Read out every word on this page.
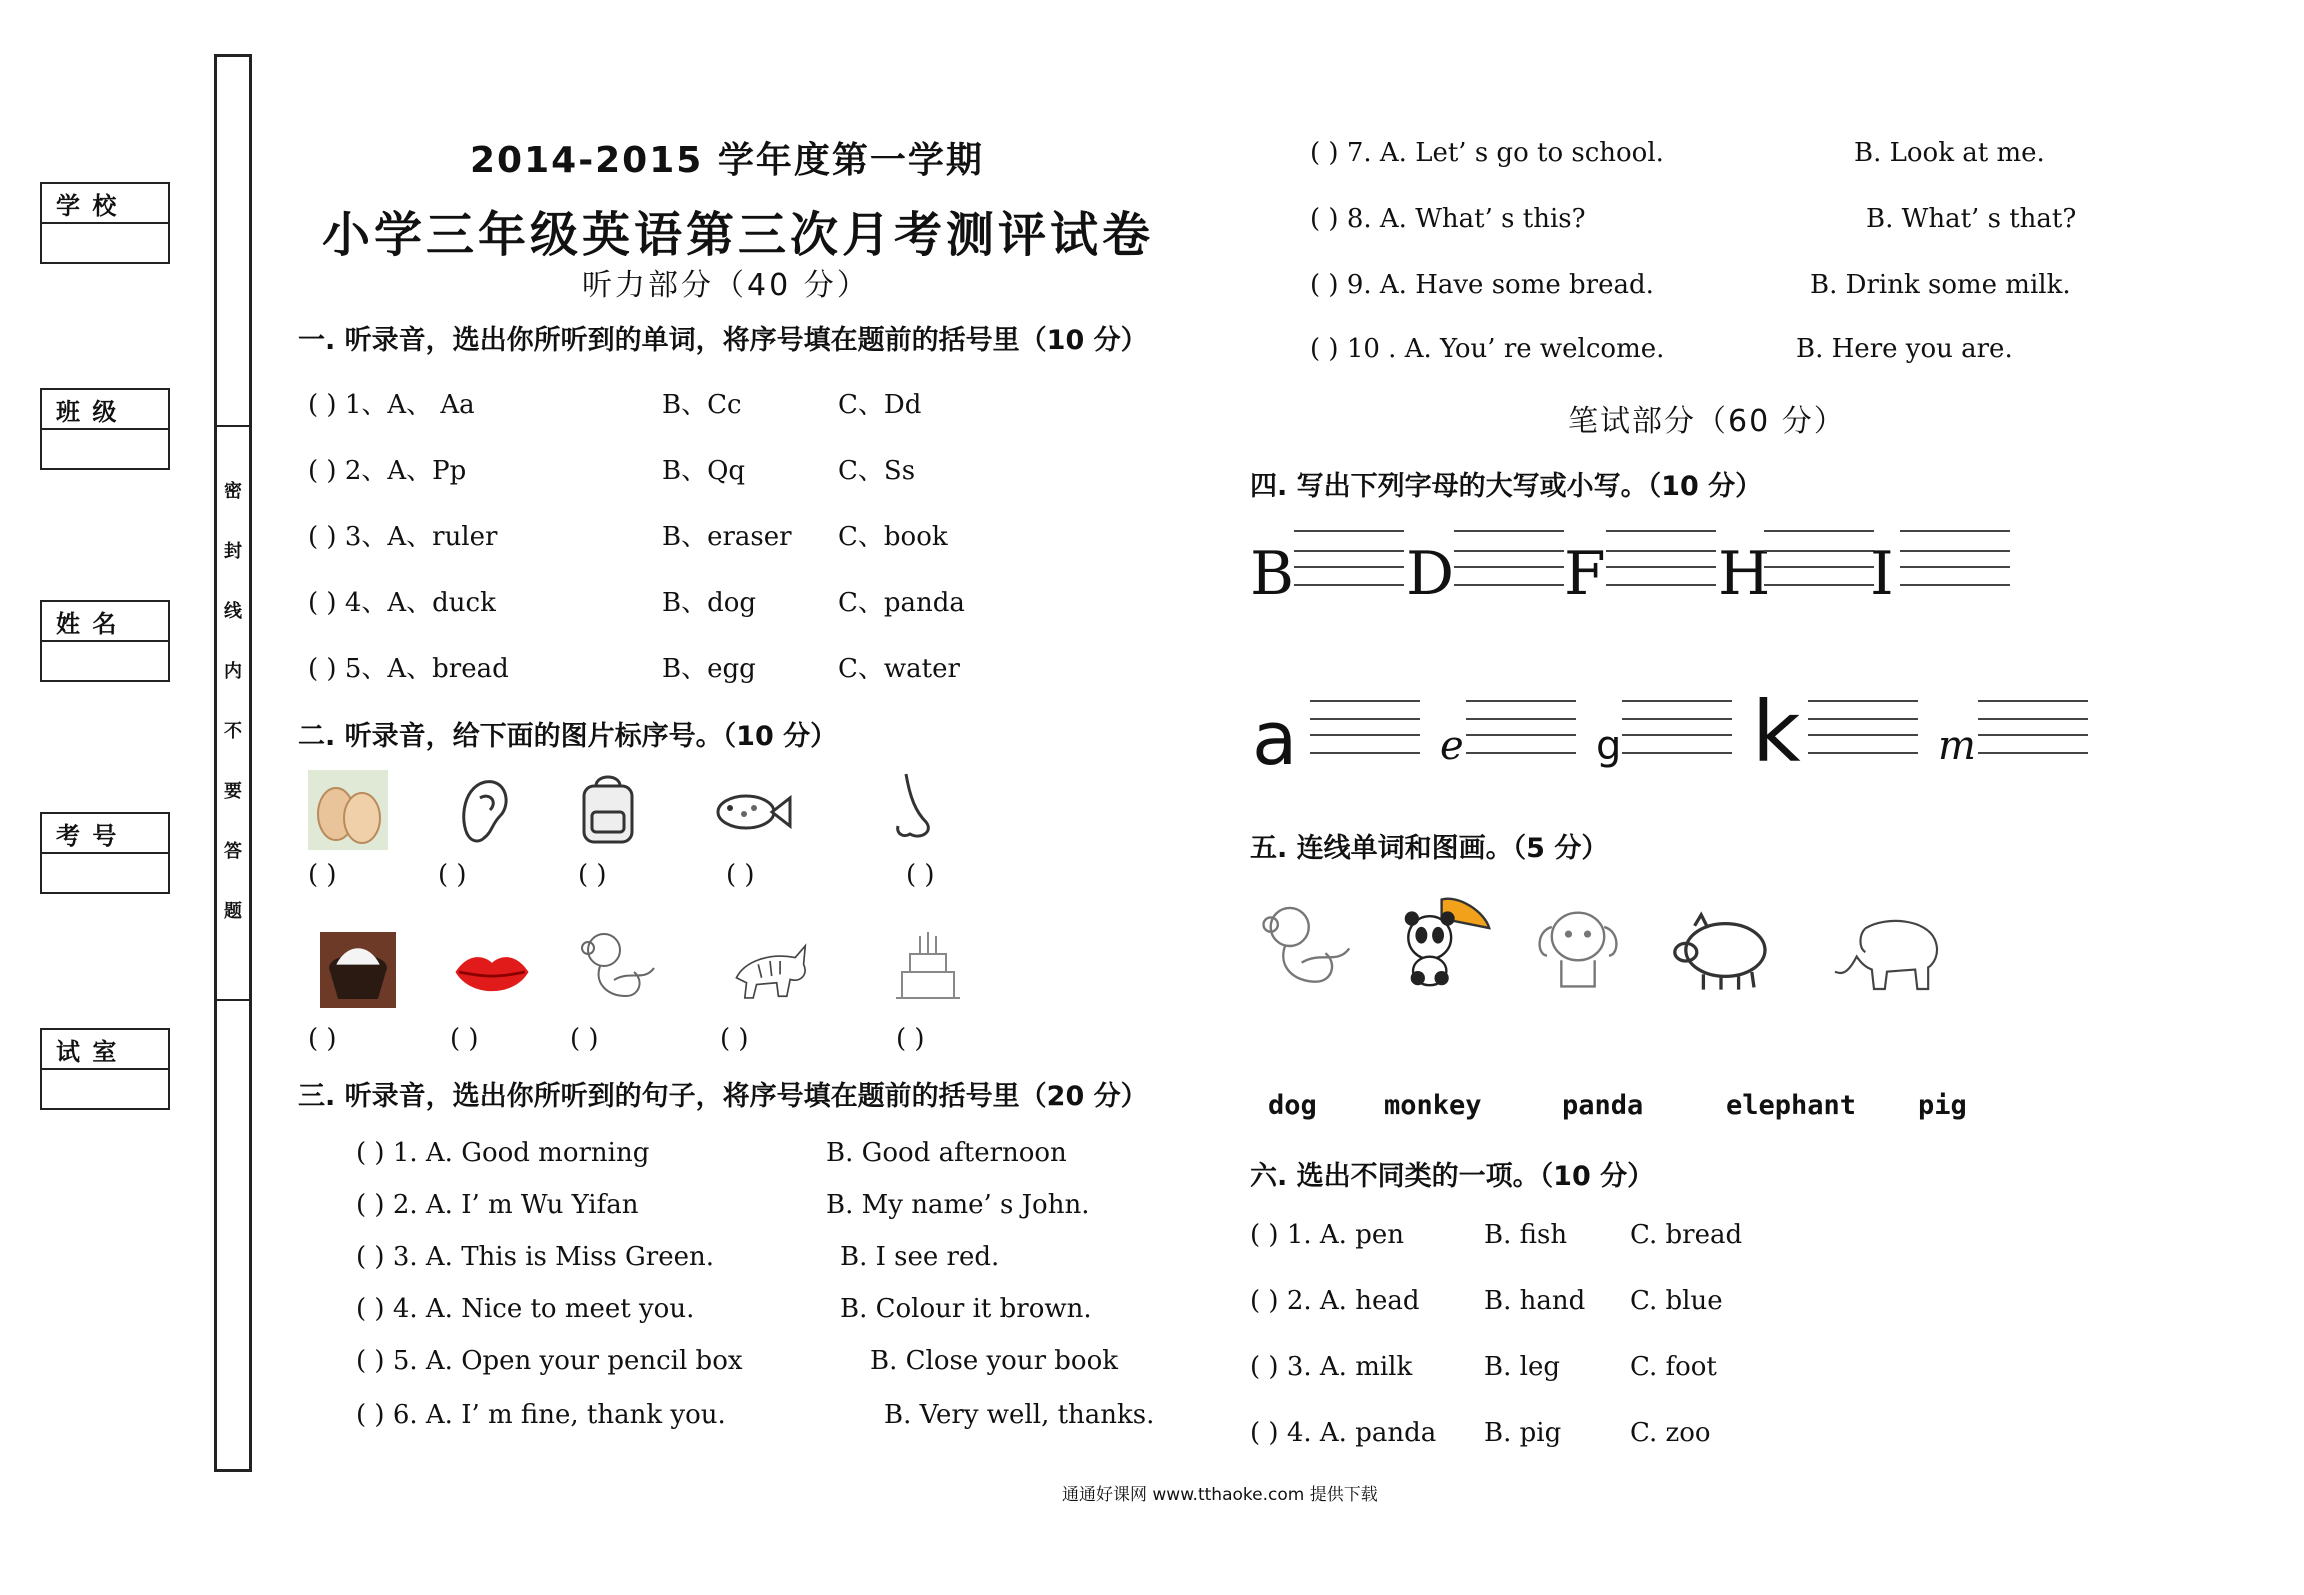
学 校
班 级
姓 名
考 号
试 室
密
封
线
内
不
要
答
题
2014-2015 学年度第一学期
小学三年级英语第三次月考测评试卷
听力部分（40 分）
一. 听录音，选出你所听到的单词，将序号填在题前的括号里（10 分）
( ) 1、A、 Aa	B、Cc	C、Dd
( ) 2、A、Pp	B、Qq	C、Ss
( ) 3、A、ruler	B、eraser	C、book
( ) 4、A、duck	B、dog	C、panda
( ) 5、A、bread	B、egg	C、water
二. 听录音，给下面的图片标序号。（10 分）
( )	( )	( )	( )	( )
( )	( )	( )	( )	( )
三. 听录音，选出你所听到的句子，将序号填在题前的括号里（20 分）
( ) 1. A. Good morning	B. Good afternoon
( ) 2. A. I’ m Wu Yifan	B. My name’ s John.
( ) 3. A. This is Miss Green.	B. I see red.
( ) 4. A. Nice to meet you.	B. Colour it brown.
( ) 5. A. Open your pencil box	B. Close your book
( ) 6. A. I’ m fine, thank you.	B. Very well, thanks.
( ) 7. A. Let’ s go to school.	B. Look at me.
( ) 8. A. What’ s this?	B. What’ s that?
( ) 9. A. Have some bread.	B. Drink some milk.
( ) 10 . A. You’ re welcome.	B. Here you are.
笔试部分（60 分）
四. 写出下列字母的大写或小写。（10 分）
B D F H I
a	e	g k	m
五. 连线单词和图画。（5 分）
dog monkey	panda	elephant pig
六. 选出不同类的一项。（10 分）
( ) 1. A. pen	B. fish	C. bread
( ) 2. A. head	B. hand	C. blue
( ) 3. A. milk	B. leg	C. foot
( ) 4. A. panda	B. pig	C. zoo
通通好课网 www.tthaoke.com 提供下载
